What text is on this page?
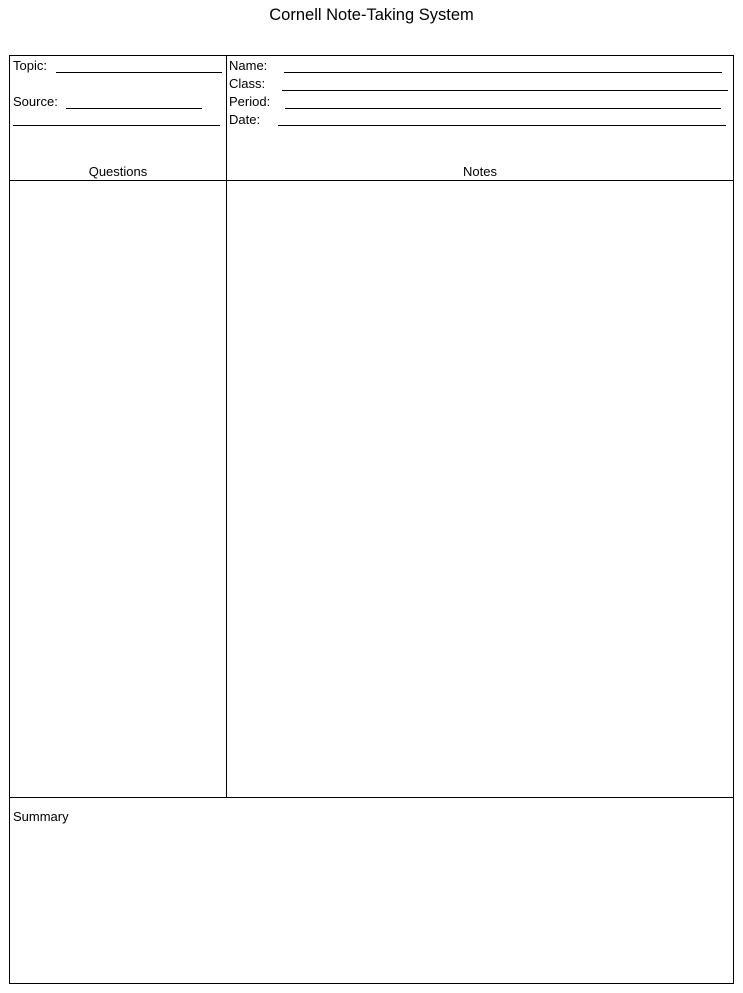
Cornell Note-Taking System
Topic:
Source:
Name:
Class:
Period:
Date:
Questions	Notes
Summary
